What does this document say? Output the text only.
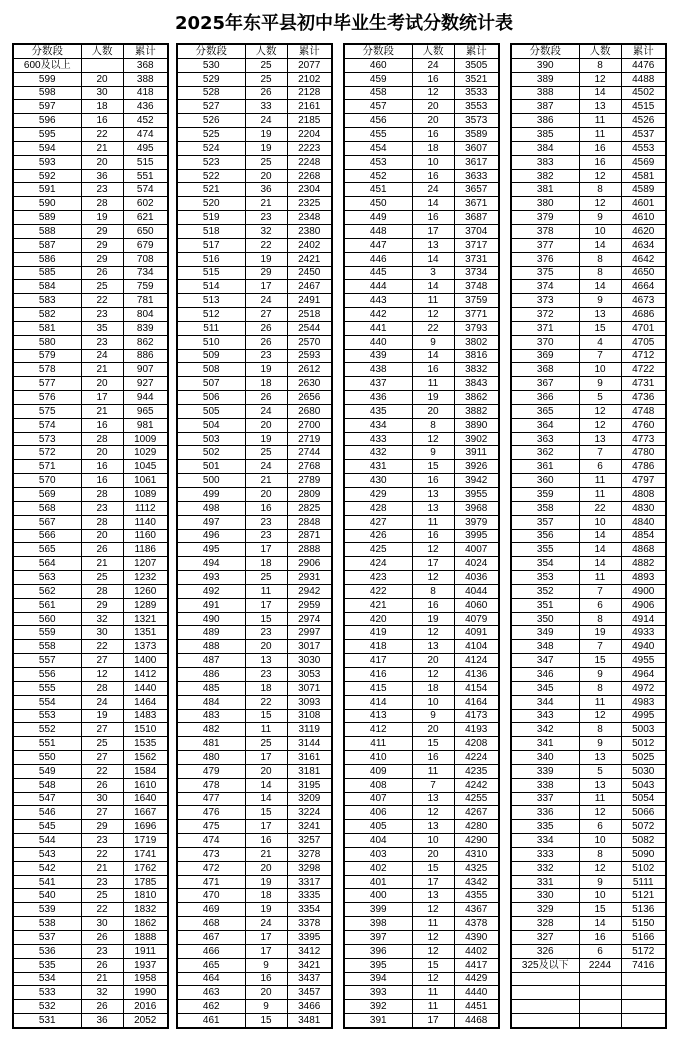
2025年东平县初中毕业生考试分数统计表
分数段	人数	累计
600及以上		368
599	20	388
598	30	418
597	18	436
596	16	452
595	22	474
594	21	495
593	20	515
592	36	551
591	23	574
590	28	602
589	19	621
588	29	650
587	29	679
586	29	708
585	26	734
584	25	759
583	22	781
582	23	804
581	35	839
580	23	862
579	24	886
578	21	907
577	20	927
576	17	944
575	21	965
574	16	981
573	28	1009
572	20	1029
571	16	1045
570	16	1061
569	28	1089
568	23	1112
567	28	1140
566	20	1160
565	26	1186
564	21	1207
563	25	1232
562	28	1260
561	29	1289
560	32	1321
559	30	1351
558	22	1373
557	27	1400
556	12	1412
555	28	1440
554	24	1464
553	19	1483
552	27	1510
551	25	1535
550	27	1562
549	22	1584
548	26	1610
547	30	1640
546	27	1667
545	29	1696
544	23	1719
543	22	1741
542	21	1762
541	23	1785
540	25	1810
539	22	1832
538	30	1862
537	26	1888
536	23	1911
535	26	1937
534	21	1958
533	32	1990
532	26	2016
531	36	2052
分数段	人数	累计
530	25	2077
529	25	2102
528	26	2128
527	33	2161
526	24	2185
525	19	2204
524	19	2223
523	25	2248
522	20	2268
521	36	2304
520	21	2325
519	23	2348
518	32	2380
517	22	2402
516	19	2421
515	29	2450
514	17	2467
513	24	2491
512	27	2518
511	26	2544
510	26	2570
509	23	2593
508	19	2612
507	18	2630
506	26	2656
505	24	2680
504	20	2700
503	19	2719
502	25	2744
501	24	2768
500	21	2789
499	20	2809
498	16	2825
497	23	2848
496	23	2871
495	17	2888
494	18	2906
493	25	2931
492	11	2942
491	17	2959
490	15	2974
489	23	2997
488	20	3017
487	13	3030
486	23	3053
485	18	3071
484	22	3093
483	15	3108
482	11	3119
481	25	3144
480	17	3161
479	20	3181
478	14	3195
477	14	3209
476	15	3224
475	17	3241
474	16	3257
473	21	3278
472	20	3298
471	19	3317
470	18	3335
469	19	3354
468	24	3378
467	17	3395
466	17	3412
465	9	3421
464	16	3437
463	20	3457
462	9	3466
461	15	3481
分数段	人数	累计
460	24	3505
459	16	3521
458	12	3533
457	20	3553
456	20	3573
455	16	3589
454	18	3607
453	10	3617
452	16	3633
451	24	3657
450	14	3671
449	16	3687
448	17	3704
447	13	3717
446	14	3731
445	3	3734
444	14	3748
443	11	3759
442	12	3771
441	22	3793
440	9	3802
439	14	3816
438	16	3832
437	11	3843
436	19	3862
435	20	3882
434	8	3890
433	12	3902
432	9	3911
431	15	3926
430	16	3942
429	13	3955
428	13	3968
427	11	3979
426	16	3995
425	12	4007
424	17	4024
423	12	4036
422	8	4044
421	16	4060
420	19	4079
419	12	4091
418	13	4104
417	20	4124
416	12	4136
415	18	4154
414	10	4164
413	9	4173
412	20	4193
411	15	4208
410	16	4224
409	11	4235
408	7	4242
407	13	4255
406	12	4267
405	13	4280
404	10	4290
403	20	4310
402	15	4325
401	17	4342
400	13	4355
399	12	4367
398	11	4378
397	12	4390
396	12	4402
395	15	4417
394	12	4429
393	11	4440
392	11	4451
391	17	4468
分数段	人数	累计
390	8	4476
389	12	4488
388	14	4502
387	13	4515
386	11	4526
385	11	4537
384	16	4553
383	16	4569
382	12	4581
381	8	4589
380	12	4601
379	9	4610
378	10	4620
377	14	4634
376	8	4642
375	8	4650
374	14	4664
373	9	4673
372	13	4686
371	15	4701
370	4	4705
369	7	4712
368	10	4722
367	9	4731
366	5	4736
365	12	4748
364	12	4760
363	13	4773
362	7	4780
361	6	4786
360	11	4797
359	11	4808
358	22	4830
357	10	4840
356	14	4854
355	14	4868
354	14	4882
353	11	4893
352	7	4900
351	6	4906
350	8	4914
349	19	4933
348	7	4940
347	15	4955
346	9	4964
345	8	4972
344	11	4983
343	12	4995
342	8	5003
341	9	5012
340	13	5025
339	5	5030
338	13	5043
337	11	5054
336	12	5066
335	6	5072
334	10	5082
333	8	5090
332	12	5102
331	9	5111
330	10	5121
329	15	5136
328	14	5150
327	16	5166
326	6	5172
325及以下	2244	7416
